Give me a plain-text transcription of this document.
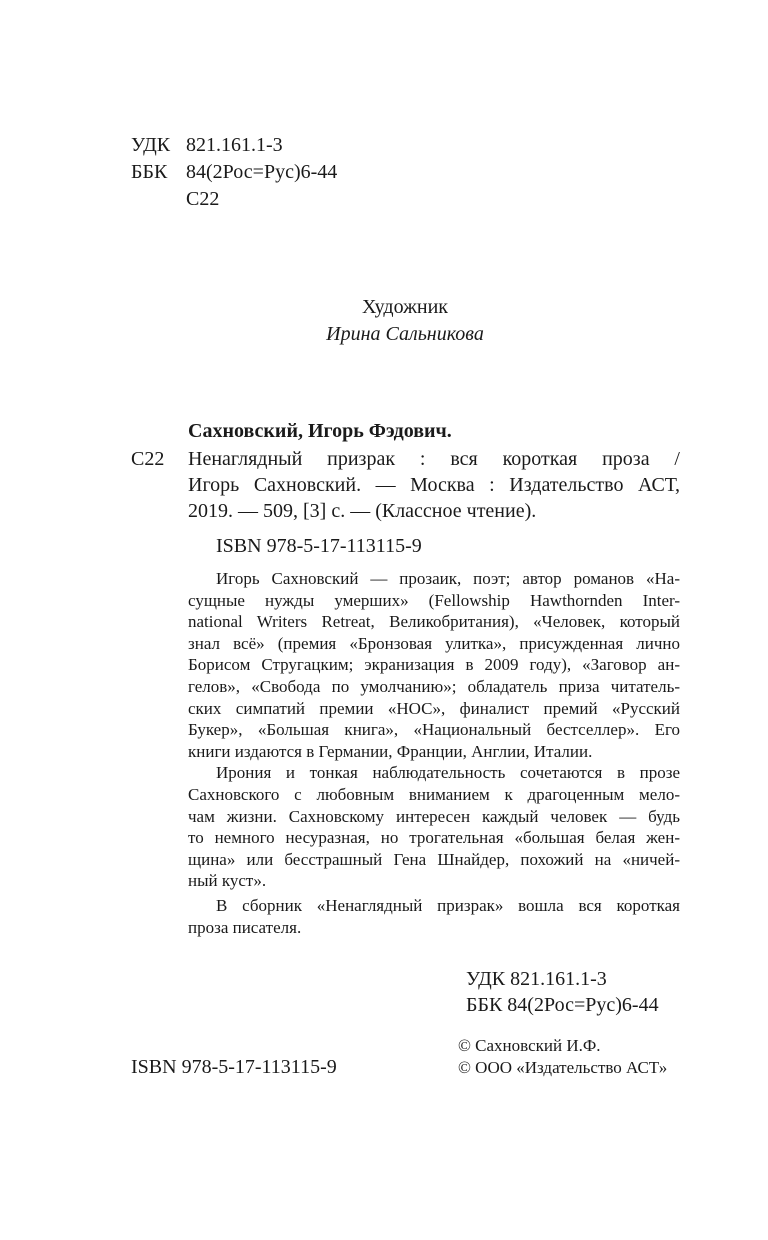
УДК 821.161.1-3
ББК 84(2Рос=Рус)6-44
С22
Художник
Ирина Сальникова
Сахновский, Игорь Фэдович.
С22 Ненаглядный призрак : вся короткая проза /
Игорь Сахновский. — Москва : Издательство АСТ,
2019. — 509, [3] с. — (Классное чтение).
ISBN 978-5-17-113115-9
Игорь Сахновский — прозаик, поэт; автор романов «На-
сущные нужды умерших» (Fellowship Hawthornden Inter-
national Writers Retreat, Великобритания), «Человек, который
знал всё» (премия «Бронзовая улитка», присужденная лично
Борисом Стругацким; экранизация в 2009 году), «Заговор ан-
гелов», «Свобода по умолчанию»; обладатель приза читатель-
ских симпатий премии «НОС», финалист премий «Русский
Букер», «Большая книга», «Национальный бестселлер». Его
книги издаются в Германии, Франции, Англии, Италии.
Ирония и тонкая наблюдательность сочетаются в прозе
Сахновского с любовным вниманием к драгоценным мело-
чам жизни. Сахновскому интересен каждый человек — будь
то немного несуразная, но трогательная «большая белая жен-
щина» или бесстрашный Гена Шнайдер, похожий на «ничей-
ный куст».
В сборник «Ненаглядный призрак» вошла вся короткая
проза писателя.
УДК 821.161.1-3
ББК 84(2Рос=Рус)6-44
© Сахновский И.Ф.
© ООО «Издательство АСТ»
ISBN 978-5-17-113115-9
